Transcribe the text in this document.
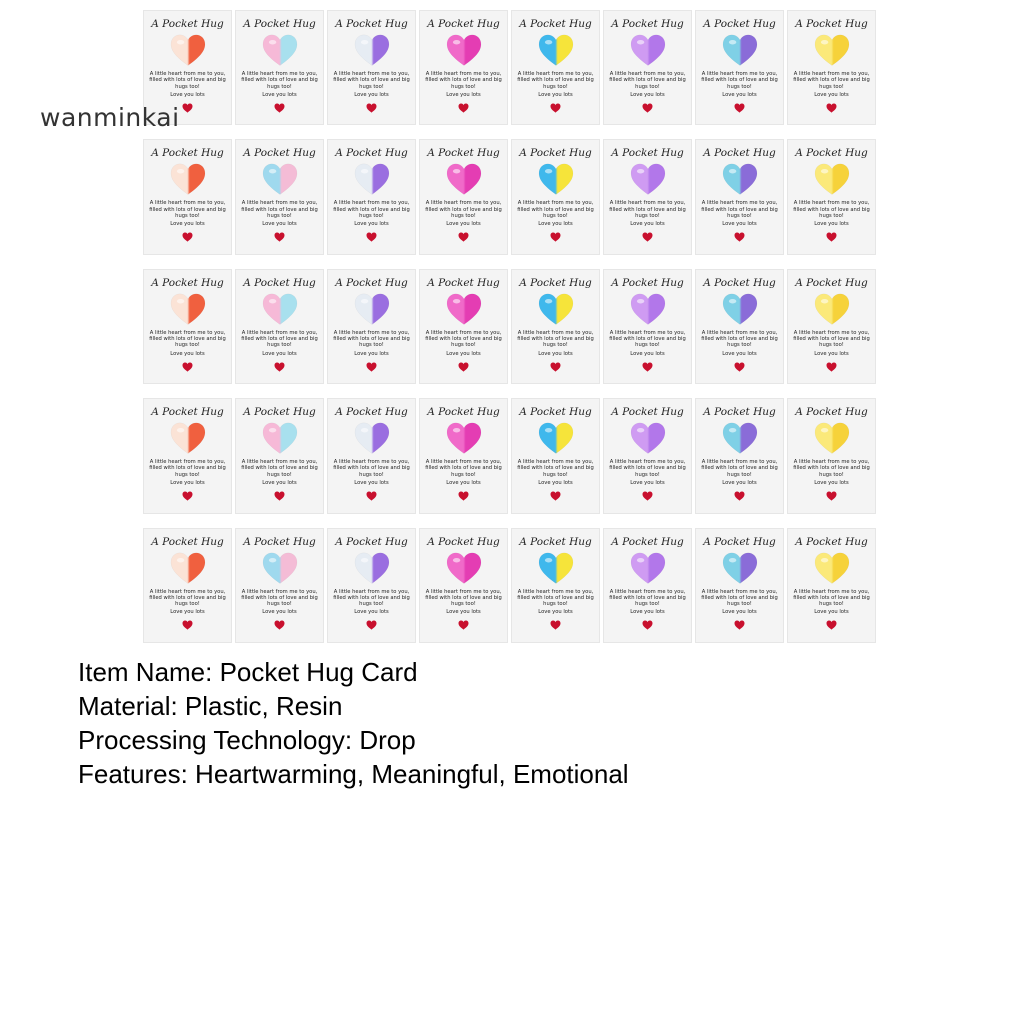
wanminkai
A Pocket Hug
A little heart from me to you, filled with lots of love and big hugs too!
Love you lots
A Pocket Hug
A little heart from me to you, filled with lots of love and big hugs too!
Love you lots
A Pocket Hug
A little heart from me to you, filled with lots of love and big hugs too!
Love you lots
A Pocket Hug
A little heart from me to you, filled with lots of love and big hugs too!
Love you lots
A Pocket Hug
A little heart from me to you, filled with lots of love and big hugs too!
Love you lots
A Pocket Hug
A little heart from me to you, filled with lots of love and big hugs too!
Love you lots
A Pocket Hug
A little heart from me to you, filled with lots of love and big hugs too!
Love you lots
A Pocket Hug
A little heart from me to you, filled with lots of love and big hugs too!
Love you lots
A Pocket Hug
A little heart from me to you, filled with lots of love and big hugs too!
Love you lots
A Pocket Hug
A little heart from me to you, filled with lots of love and big hugs too!
Love you lots
A Pocket Hug
A little heart from me to you, filled with lots of love and big hugs too!
Love you lots
A Pocket Hug
A little heart from me to you, filled with lots of love and big hugs too!
Love you lots
A Pocket Hug
A little heart from me to you, filled with lots of love and big hugs too!
Love you lots
A Pocket Hug
A little heart from me to you, filled with lots of love and big hugs too!
Love you lots
A Pocket Hug
A little heart from me to you, filled with lots of love and big hugs too!
Love you lots
A Pocket Hug
A little heart from me to you, filled with lots of love and big hugs too!
Love you lots
A Pocket Hug
A little heart from me to you, filled with lots of love and big hugs too!
Love you lots
A Pocket Hug
A little heart from me to you, filled with lots of love and big hugs too!
Love you lots
A Pocket Hug
A little heart from me to you, filled with lots of love and big hugs too!
Love you lots
A Pocket Hug
A little heart from me to you, filled with lots of love and big hugs too!
Love you lots
A Pocket Hug
A little heart from me to you, filled with lots of love and big hugs too!
Love you lots
A Pocket Hug
A little heart from me to you, filled with lots of love and big hugs too!
Love you lots
A Pocket Hug
A little heart from me to you, filled with lots of love and big hugs too!
Love you lots
A Pocket Hug
A little heart from me to you, filled with lots of love and big hugs too!
Love you lots
A Pocket Hug
A little heart from me to you, filled with lots of love and big hugs too!
Love you lots
A Pocket Hug
A little heart from me to you, filled with lots of love and big hugs too!
Love you lots
A Pocket Hug
A little heart from me to you, filled with lots of love and big hugs too!
Love you lots
A Pocket Hug
A little heart from me to you, filled with lots of love and big hugs too!
Love you lots
A Pocket Hug
A little heart from me to you, filled with lots of love and big hugs too!
Love you lots
A Pocket Hug
A little heart from me to you, filled with lots of love and big hugs too!
Love you lots
A Pocket Hug
A little heart from me to you, filled with lots of love and big hugs too!
Love you lots
A Pocket Hug
A little heart from me to you, filled with lots of love and big hugs too!
Love you lots
A Pocket Hug
A little heart from me to you, filled with lots of love and big hugs too!
Love you lots
A Pocket Hug
A little heart from me to you, filled with lots of love and big hugs too!
Love you lots
A Pocket Hug
A little heart from me to you, filled with lots of love and big hugs too!
Love you lots
A Pocket Hug
A little heart from me to you, filled with lots of love and big hugs too!
Love you lots
A Pocket Hug
A little heart from me to you, filled with lots of love and big hugs too!
Love you lots
A Pocket Hug
A little heart from me to you, filled with lots of love and big hugs too!
Love you lots
A Pocket Hug
A little heart from me to you, filled with lots of love and big hugs too!
Love you lots
A Pocket Hug
A little heart from me to you, filled with lots of love and big hugs too!
Love you lots
Item Name: Pocket Hug Card
Material: Plastic, Resin
Processing Technology: Drop
Features: Heartwarming, Meaningful, Emotional
